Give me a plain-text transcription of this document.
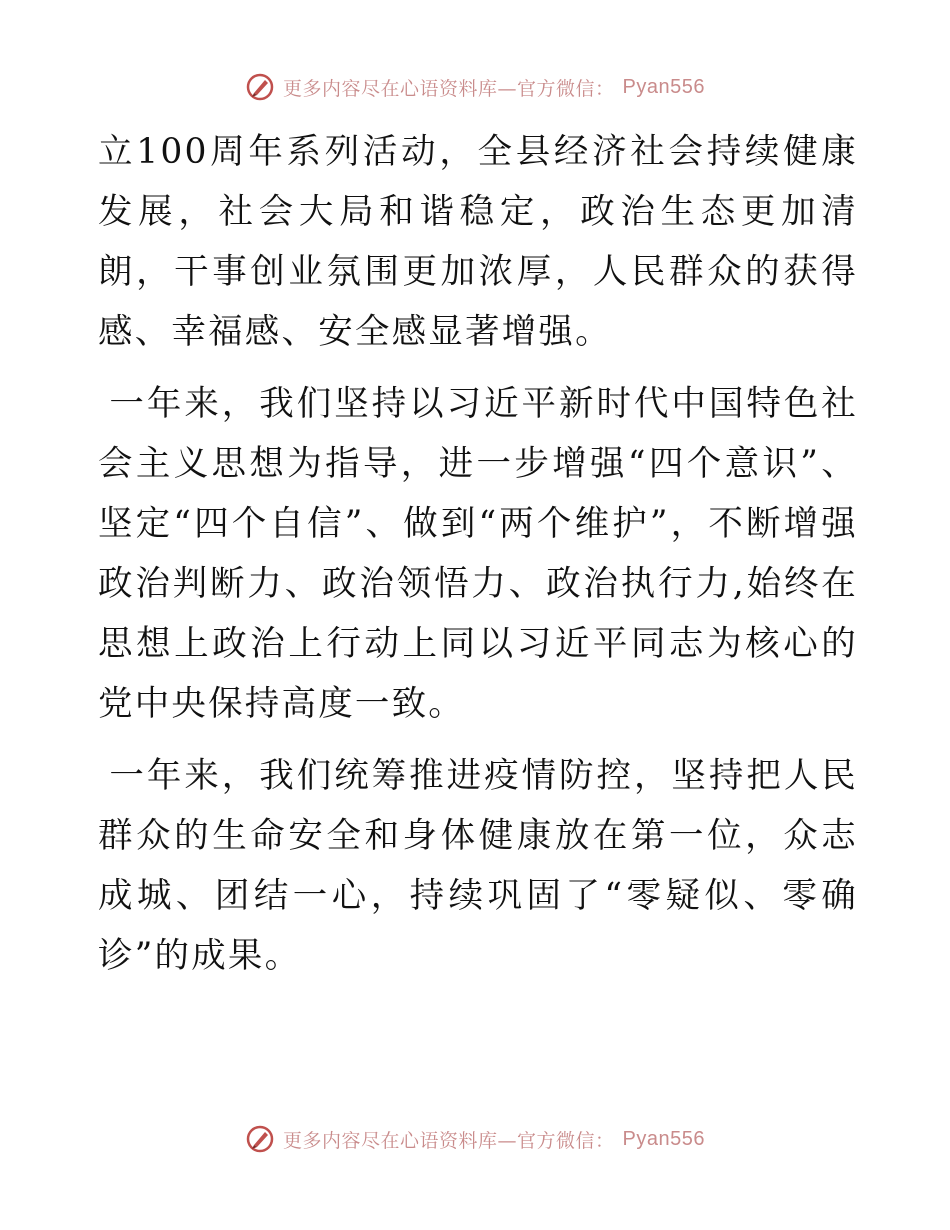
更多内容尽在心语资料库—官方微信： Pyan556

立100周年系列活动，全县经济社会持续健康发展，社会大局和谐稳定，政治生态更加清朗，干事创业氛围更加浓厚，人民群众的获得感、幸福感、安全感显著增强。

一年来，我们坚持以习近平新时代中国特色社会主义思想为指导，进一步增强“四个意识”、坚定“四个自信”、做到“两个维护”，不断增强政治判断力、政治领悟力、政治执行力,始终在思想上政治上行动上同以习近平同志为核心的党中央保持高度一致。

一年来，我们统筹推进疫情防控，坚持把人民群众的生命安全和身体健康放在第一位，众志成城、团结一心，持续巩固了“零疑似、零确诊”的成果。

更多内容尽在心语资料库—官方微信： Pyan556
